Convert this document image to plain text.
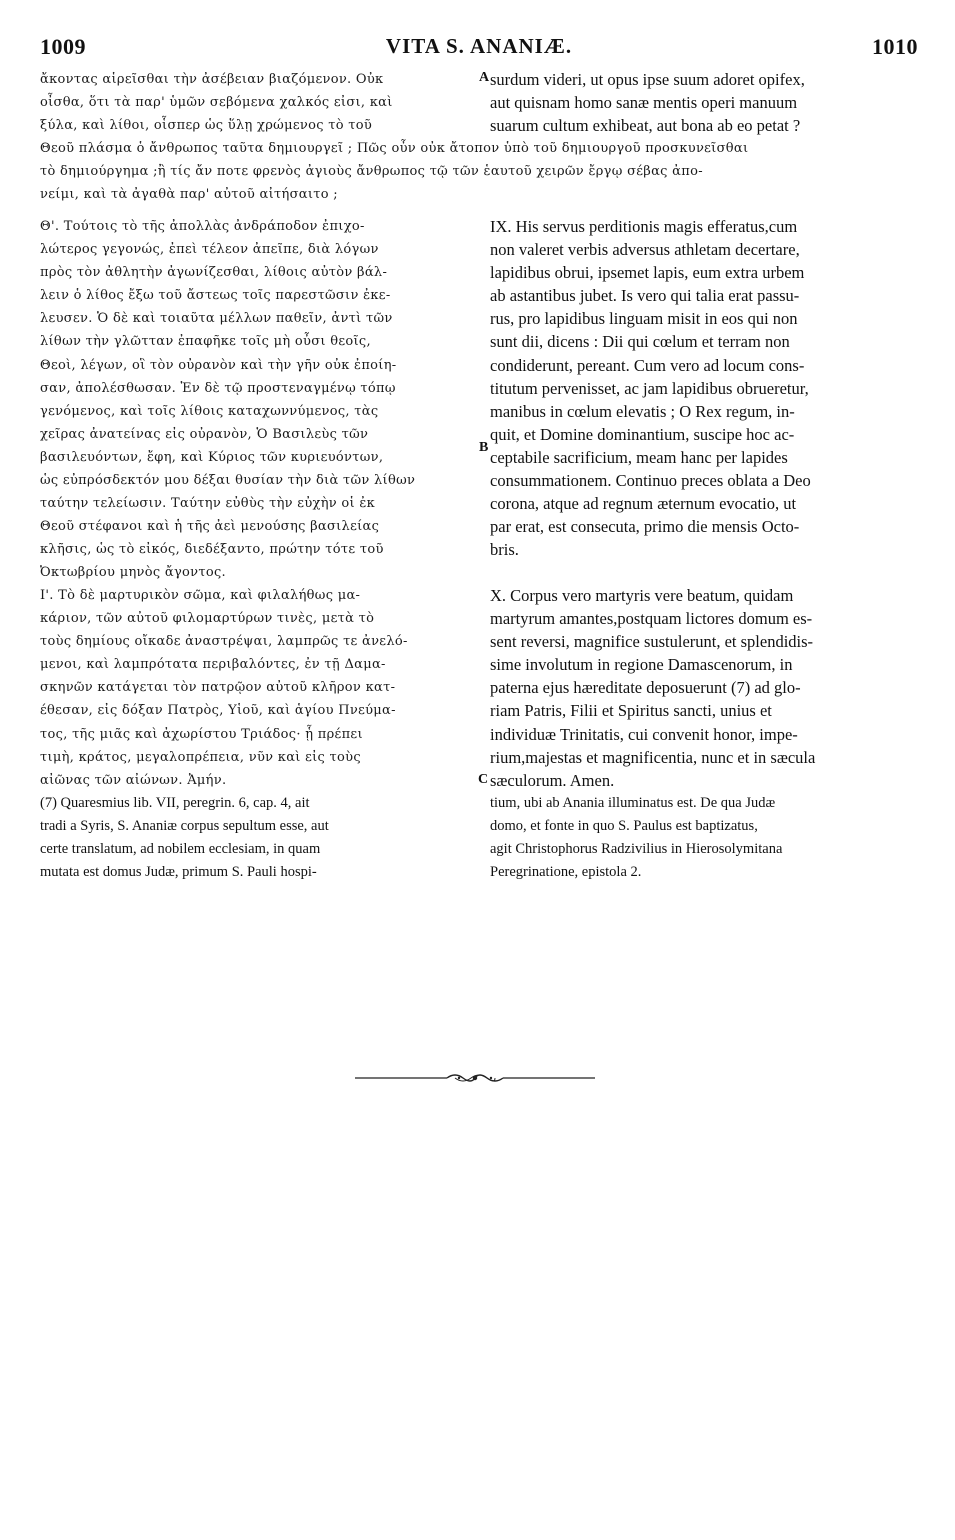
1009	VITA S. ANANIÆ.	1010
ἄκοντας αἱρεῖσθαι τὴν ἀσέβειαν βιαζόμενον. Οὐκ
οἶσθα, ὅτι τὰ παρ' ὑμῶν σεβόμενα χαλκός εἰσι, καὶ
ξύλα, καὶ λίθοι, οἷσπερ ὡς ὕλῃ χρώμενος τὸ τοῦ
Θεοῦ πλάσμα ὁ ἄνθρωπος ταῦτα δημιουργεῖ ; Πῶς οὖν οὐκ ἄτοπον ὑπὸ τοῦ δημιουργοῦ προσκυνεῖσθαι
τὸ δημιούργημα ;ἢ τίς ἄν ποτε φρενὸς ἀγιοὺς ἄνθρωπος τῷ τῶν ἑαυτοῦ χειρῶν ἔργῳ σέβας ἀπο-
νείμι, καὶ τὰ ἀγαθὰ παρ' αὐτοῦ αἰτήσαιτο ;
Θ'. Τούτοις τὸ τῆς ἀπολλὰς ἀνδράποδον ἐπιχο-
λώτερος γεγονώς, ἐπεὶ τέλεον ἀπεῖπε, διὰ λόγων
πρὸς τὸν ἀθλητὴν ἀγωνίζεσθαι, λίθοις αὐτὸν βάλ-
λειν ὁ λίθος ἔξω τοῦ ἄστεως τοῖς παρεστῶσιν ἐκε-
λευσεν. Ὁ δὲ καὶ τοιαῦτα μέλλων παθεῖν, ἀντὶ τῶν
λίθων τὴν γλῶτταν ἐπαφῆκε τοῖς μὴ οὖσι θεοῖς,
Θεοὶ, λέγων, οἳ τὸν οὐρανὸν καὶ τὴν γῆν οὐκ ἐποίη-
σαν, ἀπολέσθωσαν. Ἐν δὲ τῷ προστεναγμένῳ τόπῳ
γενόμενος, καὶ τοῖς λίθοις καταχωννύμενος, τὰς
χεῖρας ἀνατείνας εἰς οὐρανὸν, Ὁ Βασιλεὺς τῶν
βασιλευόντων, ἔφη, καὶ Κύριος τῶν κυριευόντων,
ὡς εὐπρόσδεκτόν μου δέξαι θυσίαν τὴν διὰ τῶν λίθων
ταύτην τελείωσιν. Ταύτην εὐθὺς τὴν εὐχὴν οἱ ἐκ
Θεοῦ στέφανοι καὶ ἡ τῆς ἀεὶ μενούσης βασιλείας
κλῆσις, ὡς τὸ εἰκός, διεδέξαντο, πρώτην τότε τοῦ
Ὀκτωβρίου μηνὸς ἄγοντος.
Ι'. Τὸ δὲ μαρτυρικὸν σῶμα, καὶ φιλαλήθως μα-
κάριον, τῶν αὐτοῦ φιλομαρτύρων τινὲς, μετὰ τὸ
τοὺς δημίους οἴκαδε ἀναστρέψαι, λαμπρῶς τε ἀνελό-
μενοι, καὶ λαμπρότατα περιβαλόντες, ἐν τῇ Δαμα-
σκηνῶν κατάγεται τὸν πατρῷον αὐτοῦ κλῆρον κατ-
έθεσαν, εἰς δόξαν Πατρὸς, Υἱοῦ, καὶ ἁγίου Πνεύμα-
τος, τῆς μιᾶς καὶ ἀχωρίστου Τριάδος· ᾗ πρέπει
τιμὴ, κράτος, μεγαλοπρέπεια, νῦν καὶ εἰς τοὺς
αἰῶνας τῶν αἰώνων. Ἀμήν.
A
B
C
surdum videri, ut opus ipse suum adoret opifex,
aut quisnam homo sanæ mentis operi manuum
suarum cultum exhibeat, aut bona ab eo petat ?
IX. His servus perditionis magis efferatus,cum
non valeret verbis adversus athletam decertare,
lapidibus obrui, ipsemet lapis, eum extra urbem
ab astantibus jubet. Is vero qui talia erat passu-
rus, pro lapidibus linguam misit in eos qui non
sunt dii, dicens : Dii qui cœlum et terram non
condiderunt, pereant. Cum vero ad locum cons-
titutum pervenisset, ac jam lapidibus obrueretur,
manibus in cœlum elevatis ; O Rex regum, in-
quit, et Domine dominantium, suscipe hoc ac-
ceptabile sacrificium, meam hanc per lapides
consummationem. Continuo preces oblata a Deo
corona, atque ad regnum æternum evocatio, ut
par erat, est consecuta, primo die mensis Octo-
bris.
X. Corpus vero martyris vere beatum, quidam
martyrum amantes,postquam lictores domum es-
sent reversi, magnifice sustulerunt, et splendidis-
sime involutum in regione Damascenorum, in
paterna ejus hæreditate deposuerunt (7) ad glo-
riam Patris, Filii et Spiritus sancti, unius et
individuæ Trinitatis, cui convenit honor, impe-
rium,majestas et magnificentia, nunc et in sæcula
sæculorum. Amen.
(7) Quaresmius lib. VII, peregrin. 6, cap. 4, ait
tradi a Syris, S. Ananiæ corpus sepultum esse, aut
certe translatum, ad nobilem ecclesiam, in quam
mutata est domus Judæ, primum S. Pauli hospi-
tium, ubi ab Anania illuminatus est. De qua Judæ
domo, et fonte in quo S. Paulus est baptizatus,
agit Christophorus Radzivilius in Hierosolymitana
Peregrinatione, epistola 2.
